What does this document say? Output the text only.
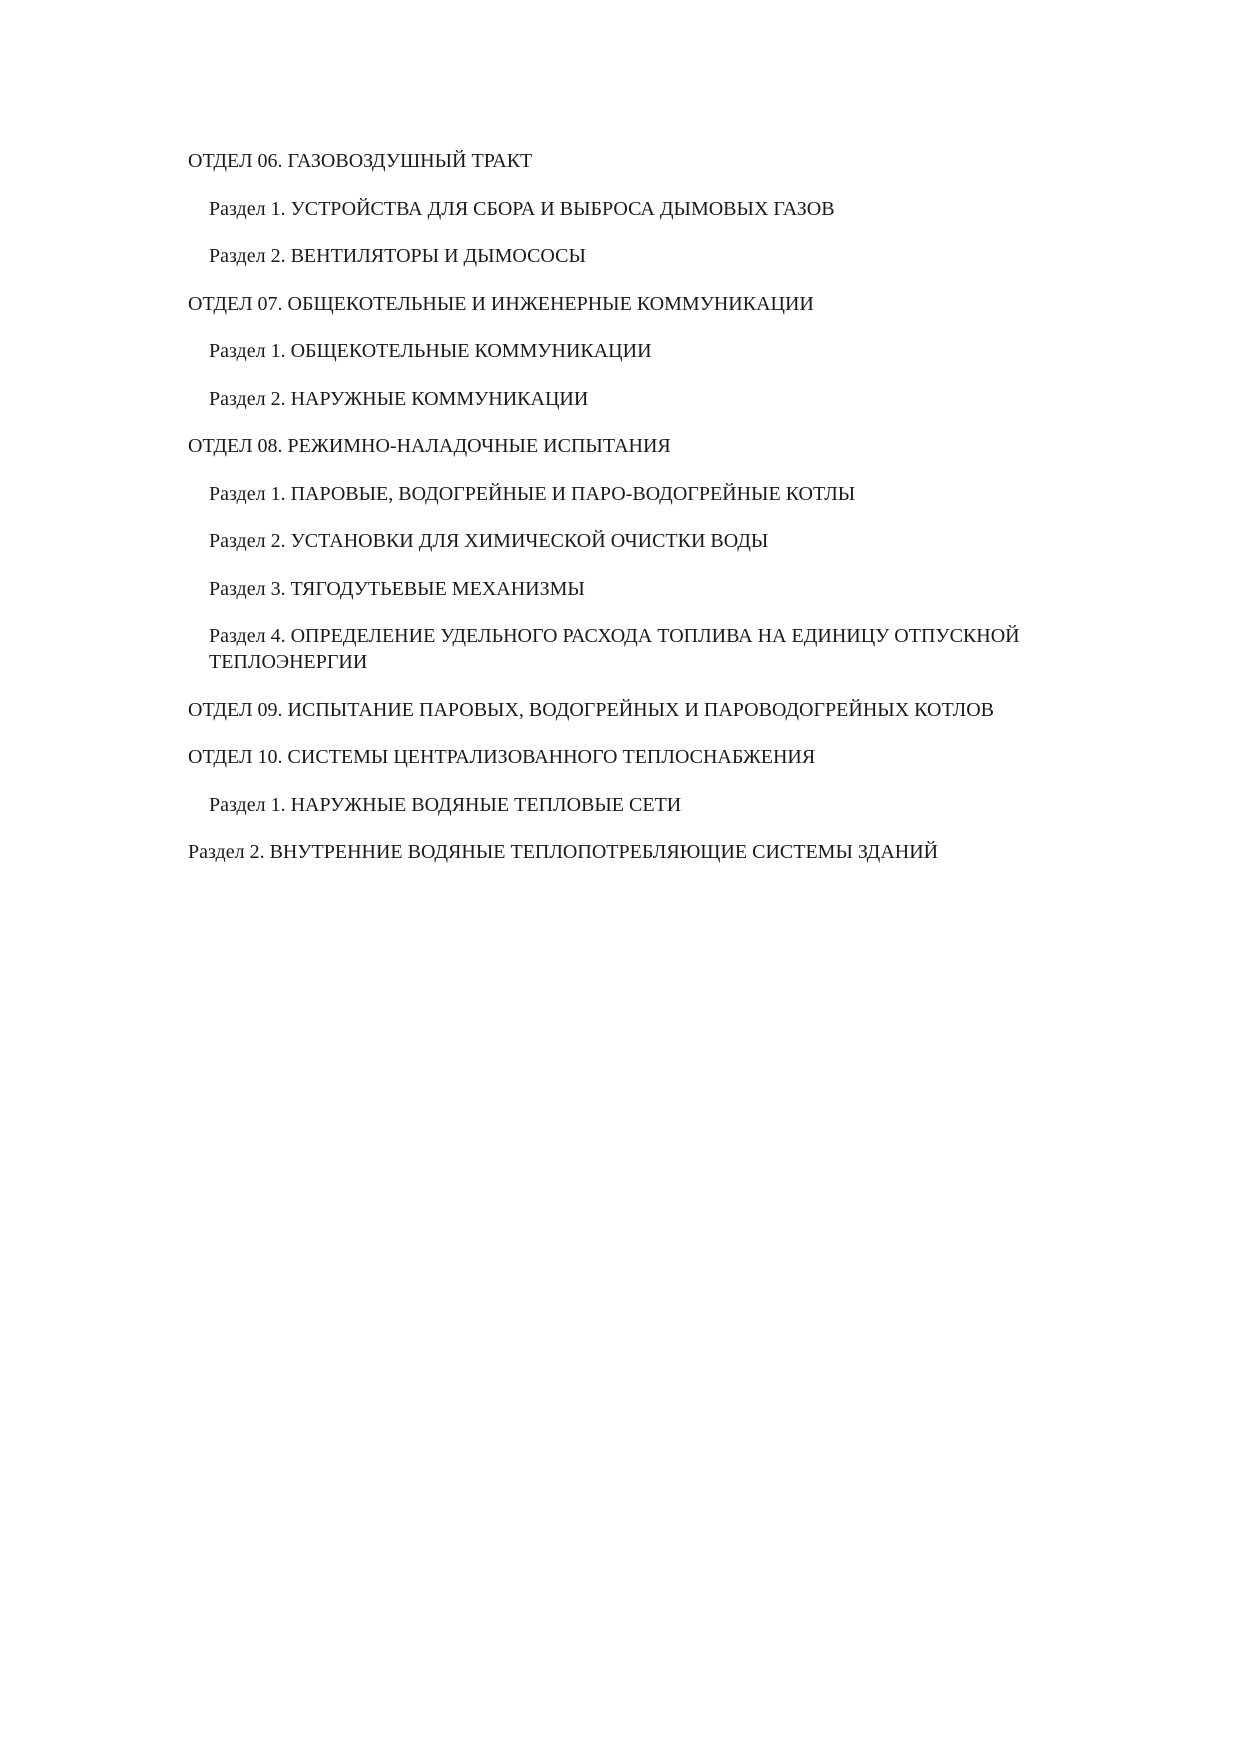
ОТДЕЛ 06. ГАЗОВОЗДУШНЫЙ ТРАКТ
Раздел 1. УСТРОЙСТВА ДЛЯ СБОРА И ВЫБРОСА ДЫМОВЫХ ГАЗОВ
Раздел 2. ВЕНТИЛЯТОРЫ И ДЫМОСОСЫ
ОТДЕЛ 07. ОБЩЕКОТЕЛЬНЫЕ И ИНЖЕНЕРНЫЕ КОММУНИКАЦИИ
Раздел 1. ОБЩЕКОТЕЛЬНЫЕ КОММУНИКАЦИИ
Раздел 2. НАРУЖНЫЕ КОММУНИКАЦИИ
ОТДЕЛ 08. РЕЖИМНО-НАЛАДОЧНЫЕ ИСПЫТАНИЯ
Раздел 1. ПАРОВЫЕ, ВОДОГРЕЙНЫЕ И ПАРО-ВОДОГРЕЙНЫЕ КОТЛЫ
Раздел 2. УСТАНОВКИ ДЛЯ ХИМИЧЕСКОЙ ОЧИСТКИ ВОДЫ
Раздел 3. ТЯГОДУТЬЕВЫЕ МЕХАНИЗМЫ
Раздел 4. ОПРЕДЕЛЕНИЕ УДЕЛЬНОГО РАСХОДА ТОПЛИВА НА ЕДИНИЦУ ОТПУСКНОЙ ТЕПЛОЭНЕРГИИ
ОТДЕЛ 09. ИСПЫТАНИЕ ПАРОВЫХ, ВОДОГРЕЙНЫХ И ПАРОВОДОГРЕЙНЫХ КОТЛОВ
ОТДЕЛ 10. СИСТЕМЫ ЦЕНТРАЛИЗОВАННОГО ТЕПЛОСНАБЖЕНИЯ
Раздел 1. НАРУЖНЫЕ ВОДЯНЫЕ ТЕПЛОВЫЕ СЕТИ
Раздел 2. ВНУТРЕННИЕ ВОДЯНЫЕ ТЕПЛОПОТРЕБЛЯЮЩИЕ СИСТЕМЫ ЗДАНИЙ
